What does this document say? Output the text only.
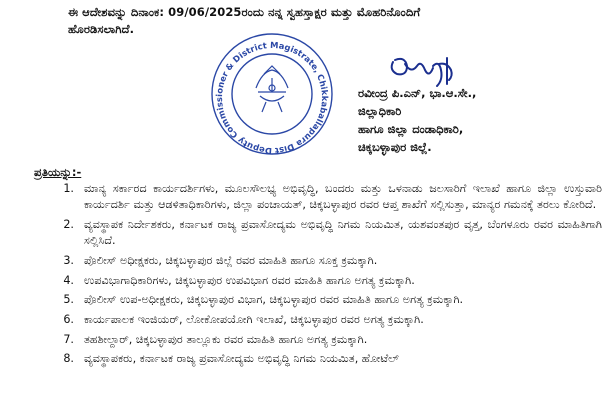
ಈ ಆದೇಶವನ್ನು ದಿನಾಂಕ: 09/06/2025ರಂದು ನನ್ನ ಸ್ವಹಸ್ತಾಕ್ಷರ ಮತ್ತು ಮೊಹರಿನೊಂದಿಗೆ
ಹೊರಡಿಸಲಾಗಿದೆ.
Deputy Commissioner & District Magistrate, Chikkaballapura Dist
ರವೀಂದ್ರ ಪಿ.ಎನ್, ಭಾ.ಆ.ಸೇ.,
ಜಿಲ್ಲಾಧಿಕಾರಿ
ಹಾಗೂ ಜಿಲ್ಲಾ ದಂಡಾಧಿಕಾರಿ,
ಚಿಕ್ಕಬಳ್ಳಾಪುರ ಜಿಲ್ಲೆ.
ಪ್ರತಿಯನ್ನು:-
1. ಮಾನ್ಯ ಸರ್ಕಾರದ ಕಾರ್ಯದರ್ಶಿಗಳು, ಮೂಲಸೌಲಭ್ಯ ಅಭಿವೃದ್ಧಿ, ಬಂದರು ಮತ್ತು ಒಳನಾಡು ಜಲಸಾರಿಗೆ ಇಲಾಖೆ ಹಾಗೂ ಜಿಲ್ಲಾ ಉಸ್ತುವಾರಿ ಕಾರ್ಯದರ್ಶಿ ಮತ್ತು ಆಡಳಿತಾಧಿಕಾರಿಗಳು, ಜಿಲ್ಲಾ ಪಂಚಾಯತ್, ಚಿಕ್ಕಬಳ್ಳಾಪುರ ರವರ ಆಪ್ತ ಶಾಖೆಗೆ ಸಲ್ಲಿಸುತ್ತಾ, ಮಾನ್ಯರ ಗಮನಕ್ಕೆ ತರಲು ಕೋರಿದೆ.
2. ವ್ಯವಸ್ಥಾಪಕ ನಿರ್ದೇಶಕರು, ಕರ್ನಾಟಕ ರಾಜ್ಯ ಪ್ರವಾಸೋದ್ಯಮ ಅಭಿವೃದ್ಧಿ ನಿಗಮ ನಿಯಮಿತ, ಯಶವಂತಪುರ ವೃತ್ತ, ಬೆಂಗಳೂರು ರವರ ಮಾಹಿತಿಗಾಗಿ ಸಲ್ಲಿಸಿದೆ.
3. ಪೊಲೀಸ್ ಅಧೀಕ್ಷಕರು, ಚಿಕ್ಕಬಳ್ಳಾಪುರ ಜಿಲ್ಲೆ ರವರ ಮಾಹಿತಿ ಹಾಗೂ ಸೂಕ್ತ ಕ್ರಮಕ್ಕಾಗಿ.
4. ಉಪವಿಭಾಗಾಧಿಕಾರಿಗಳು, ಚಿಕ್ಕಬಳ್ಳಾಪುರ ಉಪವಿಭಾಗ ರವರ ಮಾಹಿತಿ ಹಾಗೂ ಅಗತ್ಯ ಕ್ರಮಕ್ಕಾಗಿ.
5. ಪೊಲೀಸ್ ಉಪ-ಅಧೀಕ್ಷಕರು, ಚಿಕ್ಕಬಳ್ಳಾಪುರ ವಿಭಾಗ, ಚಿಕ್ಕಬಳ್ಳಾಪುರ ರವರ ಮಾಹಿತಿ ಹಾಗೂ ಅಗತ್ಯ ಕ್ರಮಕ್ಕಾಗಿ.
6. ಕಾರ್ಯಪಾಲಕ ಇಂಜಿಯರ್, ಲೋಕೋಪಯೋಗಿ ಇಲಾಖೆ, ಚಿಕ್ಕಬಳ್ಳಾಪುರ ರವರ ಅಗತ್ಯ ಕ್ರಮಕ್ಕಾಗಿ.
7. ತಹಶೀಲ್ದಾರ್, ಚಿಕ್ಕಬಳ್ಳಾಪುರ ತಾಲ್ಲೂಕು ರವರ ಮಾಹಿತಿ ಹಾಗೂ ಅಗತ್ಯ ಕ್ರಮಕ್ಕಾಗಿ.
8. ವ್ಯವಸ್ಥಾಪಕರು, ಕರ್ನಾಟಕ ರಾಜ್ಯ ಪ್ರವಾಸೋದ್ಯಮ ಅಭಿವೃದ್ಧಿ ನಿಗಮ ನಿಯಮಿತ, ಹೋಟೆಲ್
